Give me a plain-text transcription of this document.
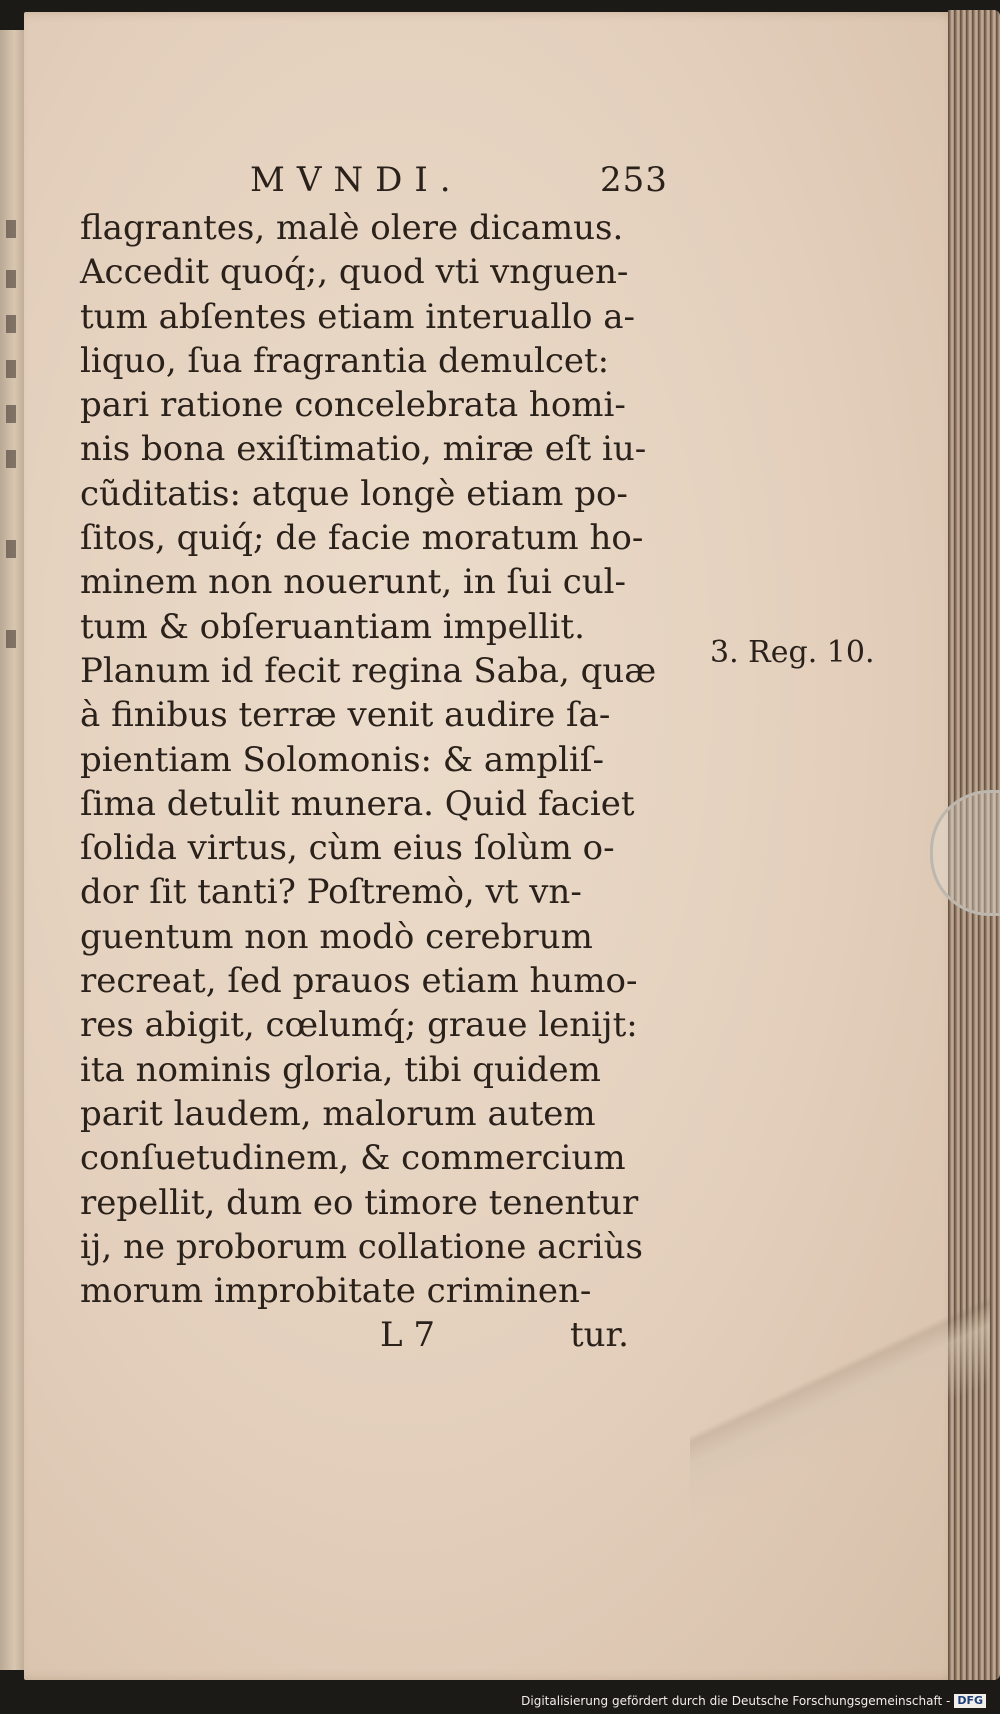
MVNDI.	253
flagrantes, malè olere dicamus.
Accedit quoq́;, quod vti vnguen-
tum abſentes etiam interuallo a-
liquo, ſua fragrantia demulcet:
pari ratione concelebrata homi-
nis bona exiſtimatio, miræ eſt iu-
cũditatis: atque longè etiam po-
ſitos, quiq́; de facie moratum ho-
minem non nouerunt, in ſui cul-
tum & obſeruantiam impellit.
Planum id fecit regina Saba, quæ
à finibus terræ venit audire ſa-
pientiam Solomonis: & ampliſ-
ſima detulit munera. Quid faciet
ſolida virtus, cùm eius ſolùm o-
dor ſit tanti? Poſtremò, vt vn-
guentum non modò cerebrum
recreat, ſed prauos etiam humo-
res abigit, cœlumq́; graue lenijt:
ita nominis gloria, tibi quidem
parit laudem, malorum autem
conſuetudinem, & commercium
repellit, dum eo timore tenentur
ij, ne proborum collatione acriùs
morum improbitate criminen-
L 7	tur.
3. Reg. 10.
Digitalisierung gefördert durch die Deutsche Forschungsgemeinschaft - DFG
